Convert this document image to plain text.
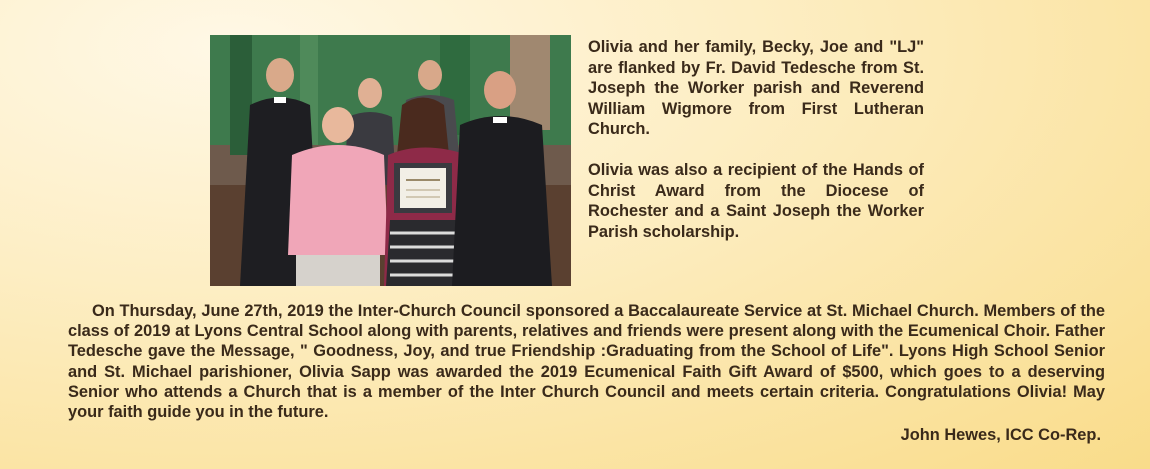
Olivia and her family, Becky, Joe and "LJ" are flanked by Fr. David Tedesche from St. Joseph the Worker parish and Reverend William Wigmore from First Lutheran Church.

Olivia was also a recipient of the Hands of Christ Award from the Diocese of Rochester and a Saint Joseph the Worker Parish scholarship.

On Thursday, June 27th, 2019 the Inter-Church Council sponsored a Baccalaureate Service at St. Michael Church. Members of the class of 2019 at Lyons Central School along with parents, relatives and friends were present along with the Ecumenical Choir. Father Tedesche gave the Message, " Goodness, Joy, and true Friendship :Graduating from the School of Life". Lyons High School Senior and St. Michael parishioner, Olivia Sapp was awarded the 2019 Ecumenical Faith Gift Award of $500, which goes to a deserving Senior who attends a Church that is a member of the Inter Church Council and meets certain criteria. Congratulations Olivia! May your faith guide you in the future.

John Hewes, ICC Co-Rep.
